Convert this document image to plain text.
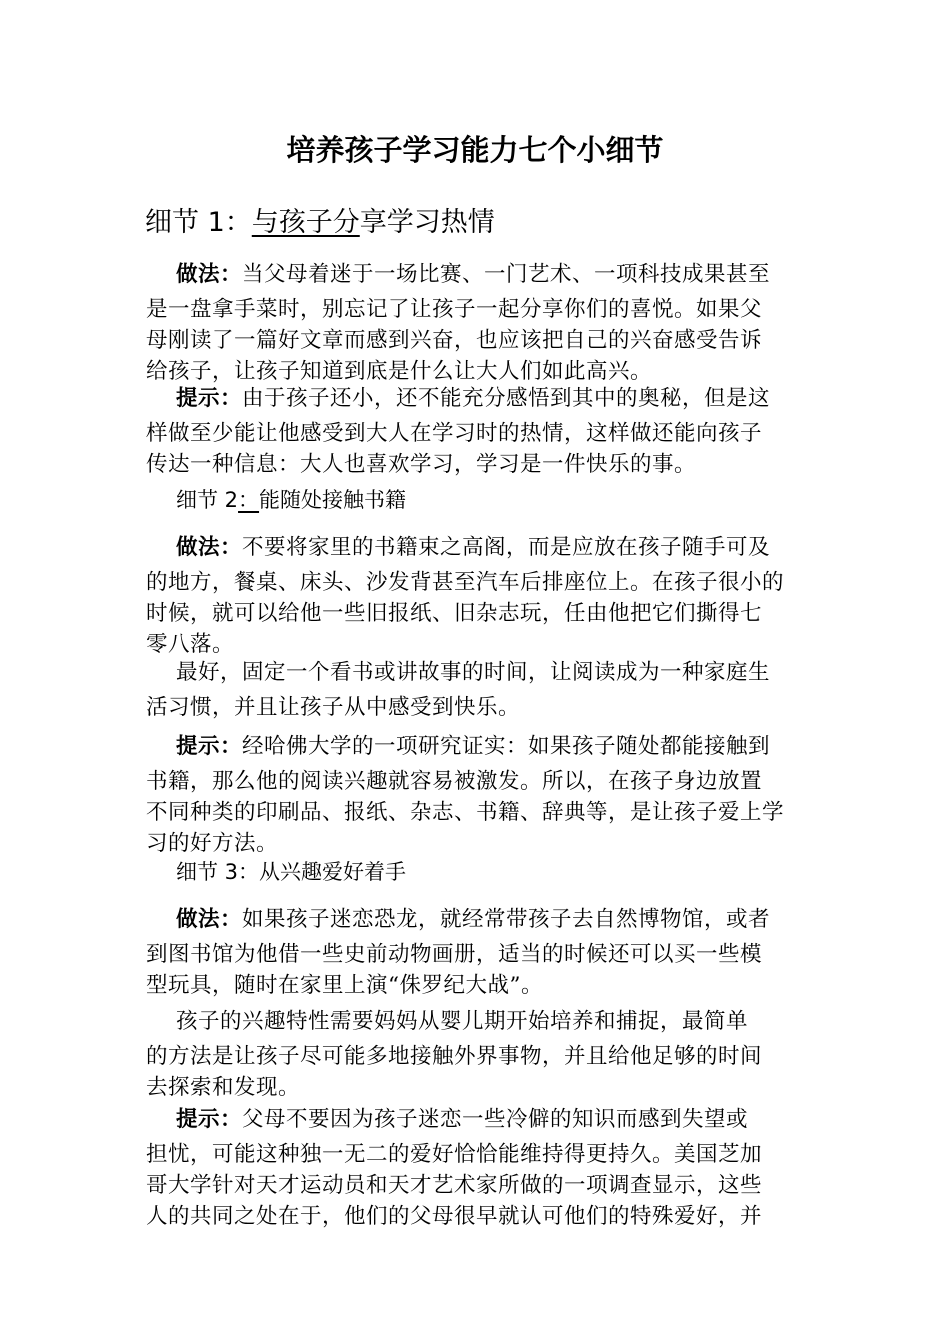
培养孩子学习能力七个小细节
细节 1：与孩子分享学习热情
做法：当父母着迷于一场比赛、一门艺术、一项科技成果甚至
是一盘拿手菜时，别忘记了让孩子一起分享你们的喜悦。如果父
母刚读了一篇好文章而感到兴奋，也应该把自己的兴奋感受告诉
给孩子，让孩子知道到底是什么让大人们如此高兴。
提示：由于孩子还小，还不能充分感悟到其中的奥秘，但是这
样做至少能让他感受到大人在学习时的热情，这样做还能向孩子
传达一种信息：大人也喜欢学习，学习是一件快乐的事。
细节 2：能随处接触书籍
做法：不要将家里的书籍束之高阁，而是应放在孩子随手可及
的地方，餐桌、床头、沙发背甚至汽车后排座位上。在孩子很小的
时候，就可以给他一些旧报纸、旧杂志玩，任由他把它们撕得七
零八落。
最好，固定一个看书或讲故事的时间，让阅读成为一种家庭生
活习惯，并且让孩子从中感受到快乐。
提示：经哈佛大学的一项研究证实：如果孩子随处都能接触到
书籍，那么他的阅读兴趣就容易被激发。所以，在孩子身边放置
不同种类的印刷品、报纸、杂志、书籍、辞典等，是让孩子爱上学
习的好方法。
细节 3：从兴趣爱好着手
做法：如果孩子迷恋恐龙，就经常带孩子去自然博物馆，或者
到图书馆为他借一些史前动物画册，适当的时候还可以买一些模
型玩具，随时在家里上演“侏罗纪大战”。
孩子的兴趣特性需要妈妈从婴儿期开始培养和捕捉，最简单
的方法是让孩子尽可能多地接触外界事物，并且给他足够的时间
去探索和发现。
提示：父母不要因为孩子迷恋一些冷僻的知识而感到失望或
担忧，可能这种独一无二的爱好恰恰能维持得更持久。美国芝加
哥大学针对天才运动员和天才艺术家所做的一项调查显示，这些
人的共同之处在于，他们的父母很早就认可他们的特殊爱好，并
